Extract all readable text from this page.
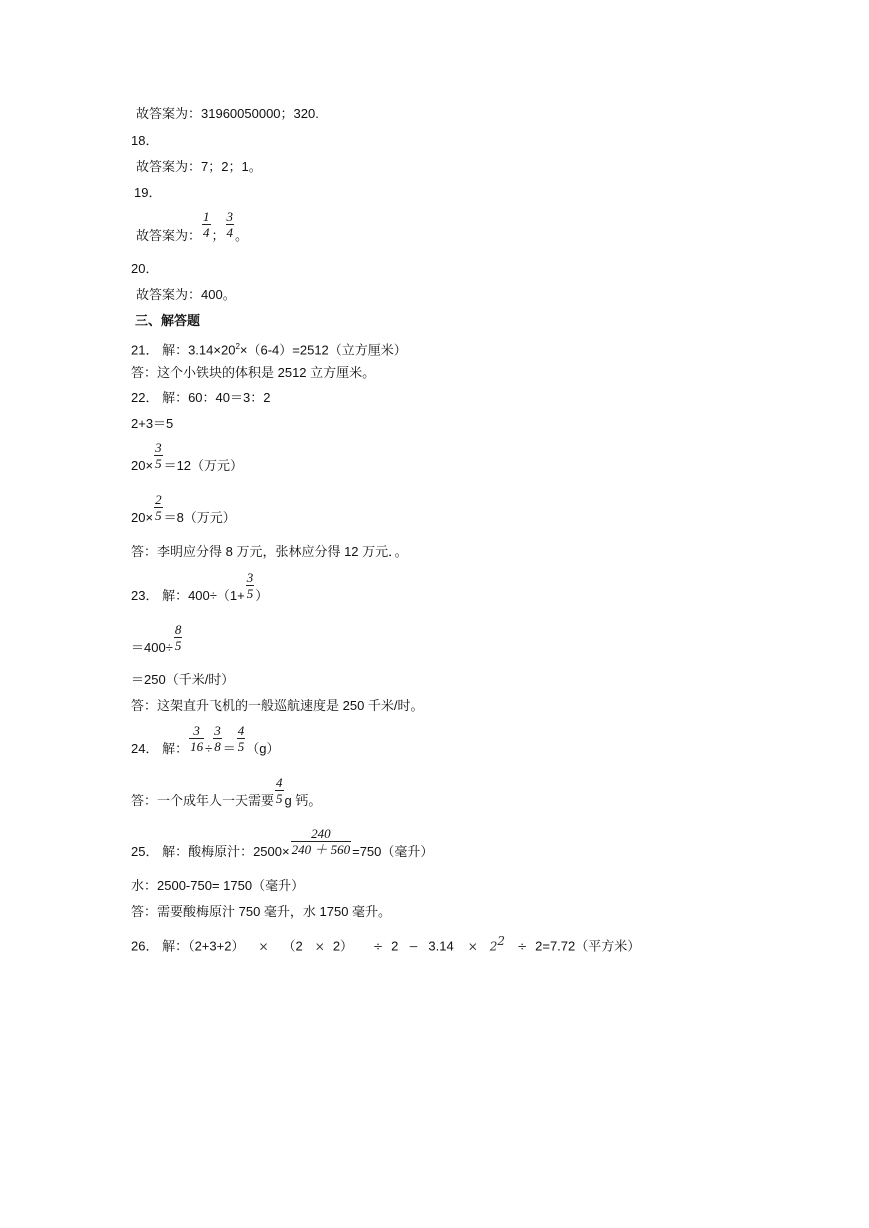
故答案为：31960050000；320.
18．
故答案为：7；2；1。
19．
故答案为： $\frac{1}{4}$ ； $\frac{3}{4}$ 。
20．
故答案为：400。
三、解答题
21． 解：$3.14\times 20^2\times(6-4)=2512$（立方厘米）
答：这个小铁块的体积是 2512 立方厘米。
22． 解：60：40＝3：2
2+3＝5
$20\times \frac{3}{5} =12$（万元）
$20\times \frac{2}{5} =8$（万元）
答：李明应分得 8 万元，张林应分得 12 万元．。
23． 解：$400\div(1+ \frac{3}{5}$ ）
$=400\div \frac{8}{5}$
＝250（千米/时）
答：这架直升飞机的一般巡航速度是 250 千米/时。
24． 解： $\frac{3}{16} \div \frac{3}{8} = \frac{4}{5} (g)$
答：一个成年人一天需要 $\frac{4}{5}$ g 钙。
25． 解：酸梅原汁：$2500\times \frac{240}{240 + 560} =750$（毫升）
水：2500-750= 1750（毫升）
答：需要酸梅原汁 750 毫升，水 1750 毫升。
26． 解：$(2+3+2) \times (2 \times 2) \div 2 - 3.14 \times 2^2 \div 2=7.72$（平方米）
